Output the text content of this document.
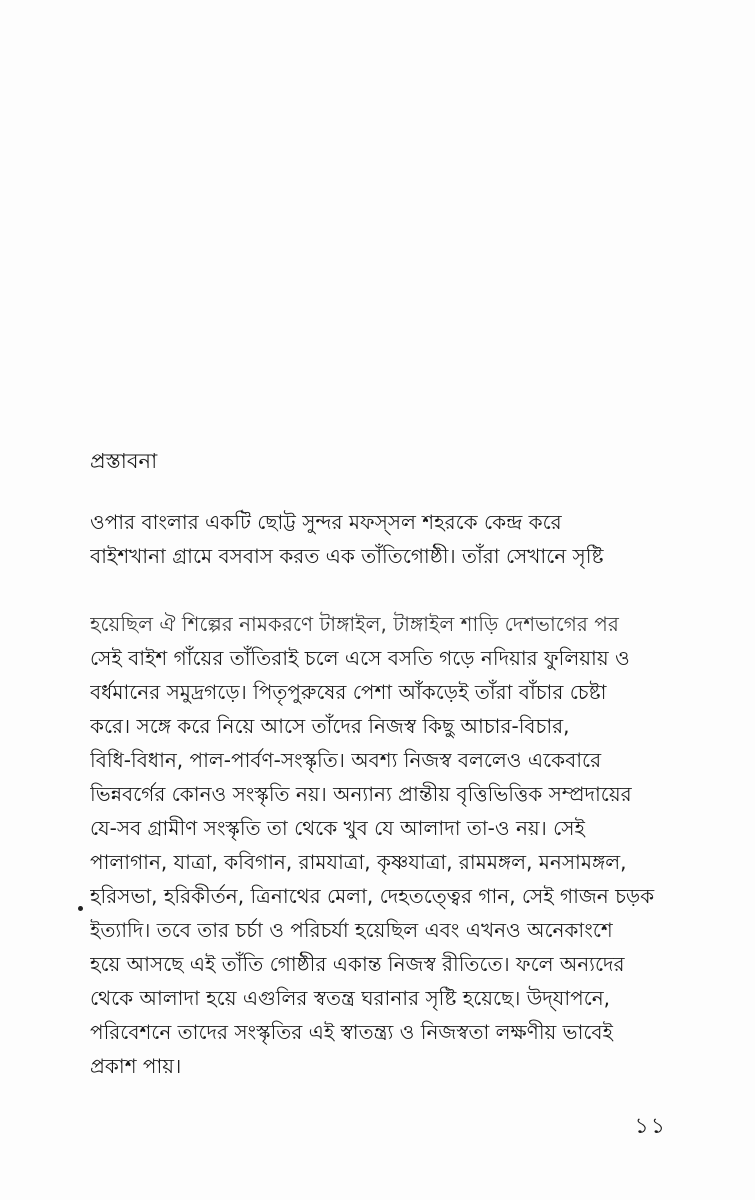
প্রস্তাবনা
ওপার বাংলার একটি ছোট্ট সুন্দর মফস্‌সল শহরকে কেন্দ্র করে
বাইশখানা গ্রামে বসবাস করত এক তাঁতিগোষ্ঠী। তাঁরা সেখানে সৃষ্টি
হয়েছিল ঐ শিল্পের নামকরণে টাঙ্গাইল, টাঙ্গাইল শাড়ি দেশভাগের পর
সেই বাইশ গাঁয়ের তাঁতিরাই চলে এসে বসতি গড়ে নদিয়ার ফুলিয়ায় ও
বর্ধমানের সমুদ্রগড়ে। পিতৃপুরুষের পেশা আঁকড়েই তাঁরা বাঁচার চেষ্টা
করে। সঙ্গে করে নিয়ে আসে তাঁদের নিজস্ব কিছু আচার-বিচার,
বিধি-বিধান, পাল-পার্বণ-সংস্কৃতি। অবশ্য নিজস্ব বললেও একেবারে
ভিন্নবর্গের কোনও সংস্কৃতি নয়। অন্যান্য প্রান্তীয় বৃত্তিভিত্তিক সম্প্রদায়ের
যে-সব গ্রামীণ সংস্কৃতি তা থেকে খুব যে আলাদা তা-ও নয়। সেই
পালাগান, যাত্রা, কবিগান, রামযাত্রা, কৃষ্ণযাত্রা, রামমঙ্গল, মনসামঙ্গল,
হরিসভা, হরিকীর্তন, ত্রিনাথের মেলা, দেহতত্ত্বের গান, সেই গাজন চড়ক
ইত্যাদি। তবে তার চর্চা ও পরিচর্যা হয়েছিল এবং এখনও অনেকাংশে
হয়ে আসছে এই তাঁতি গোষ্ঠীর একান্ত নিজস্ব রীতিতে। ফলে অন্যদের
থেকে আলাদা হয়ে এগুলির স্বতন্ত্র ঘরানার সৃষ্টি হয়েছে। উদ্‌যাপনে,
পরিবেশনে তাদের সংস্কৃতির এই স্বাতন্ত্র্য ও নিজস্বতা লক্ষণীয় ভাবেই
প্রকাশ পায়।
১১
